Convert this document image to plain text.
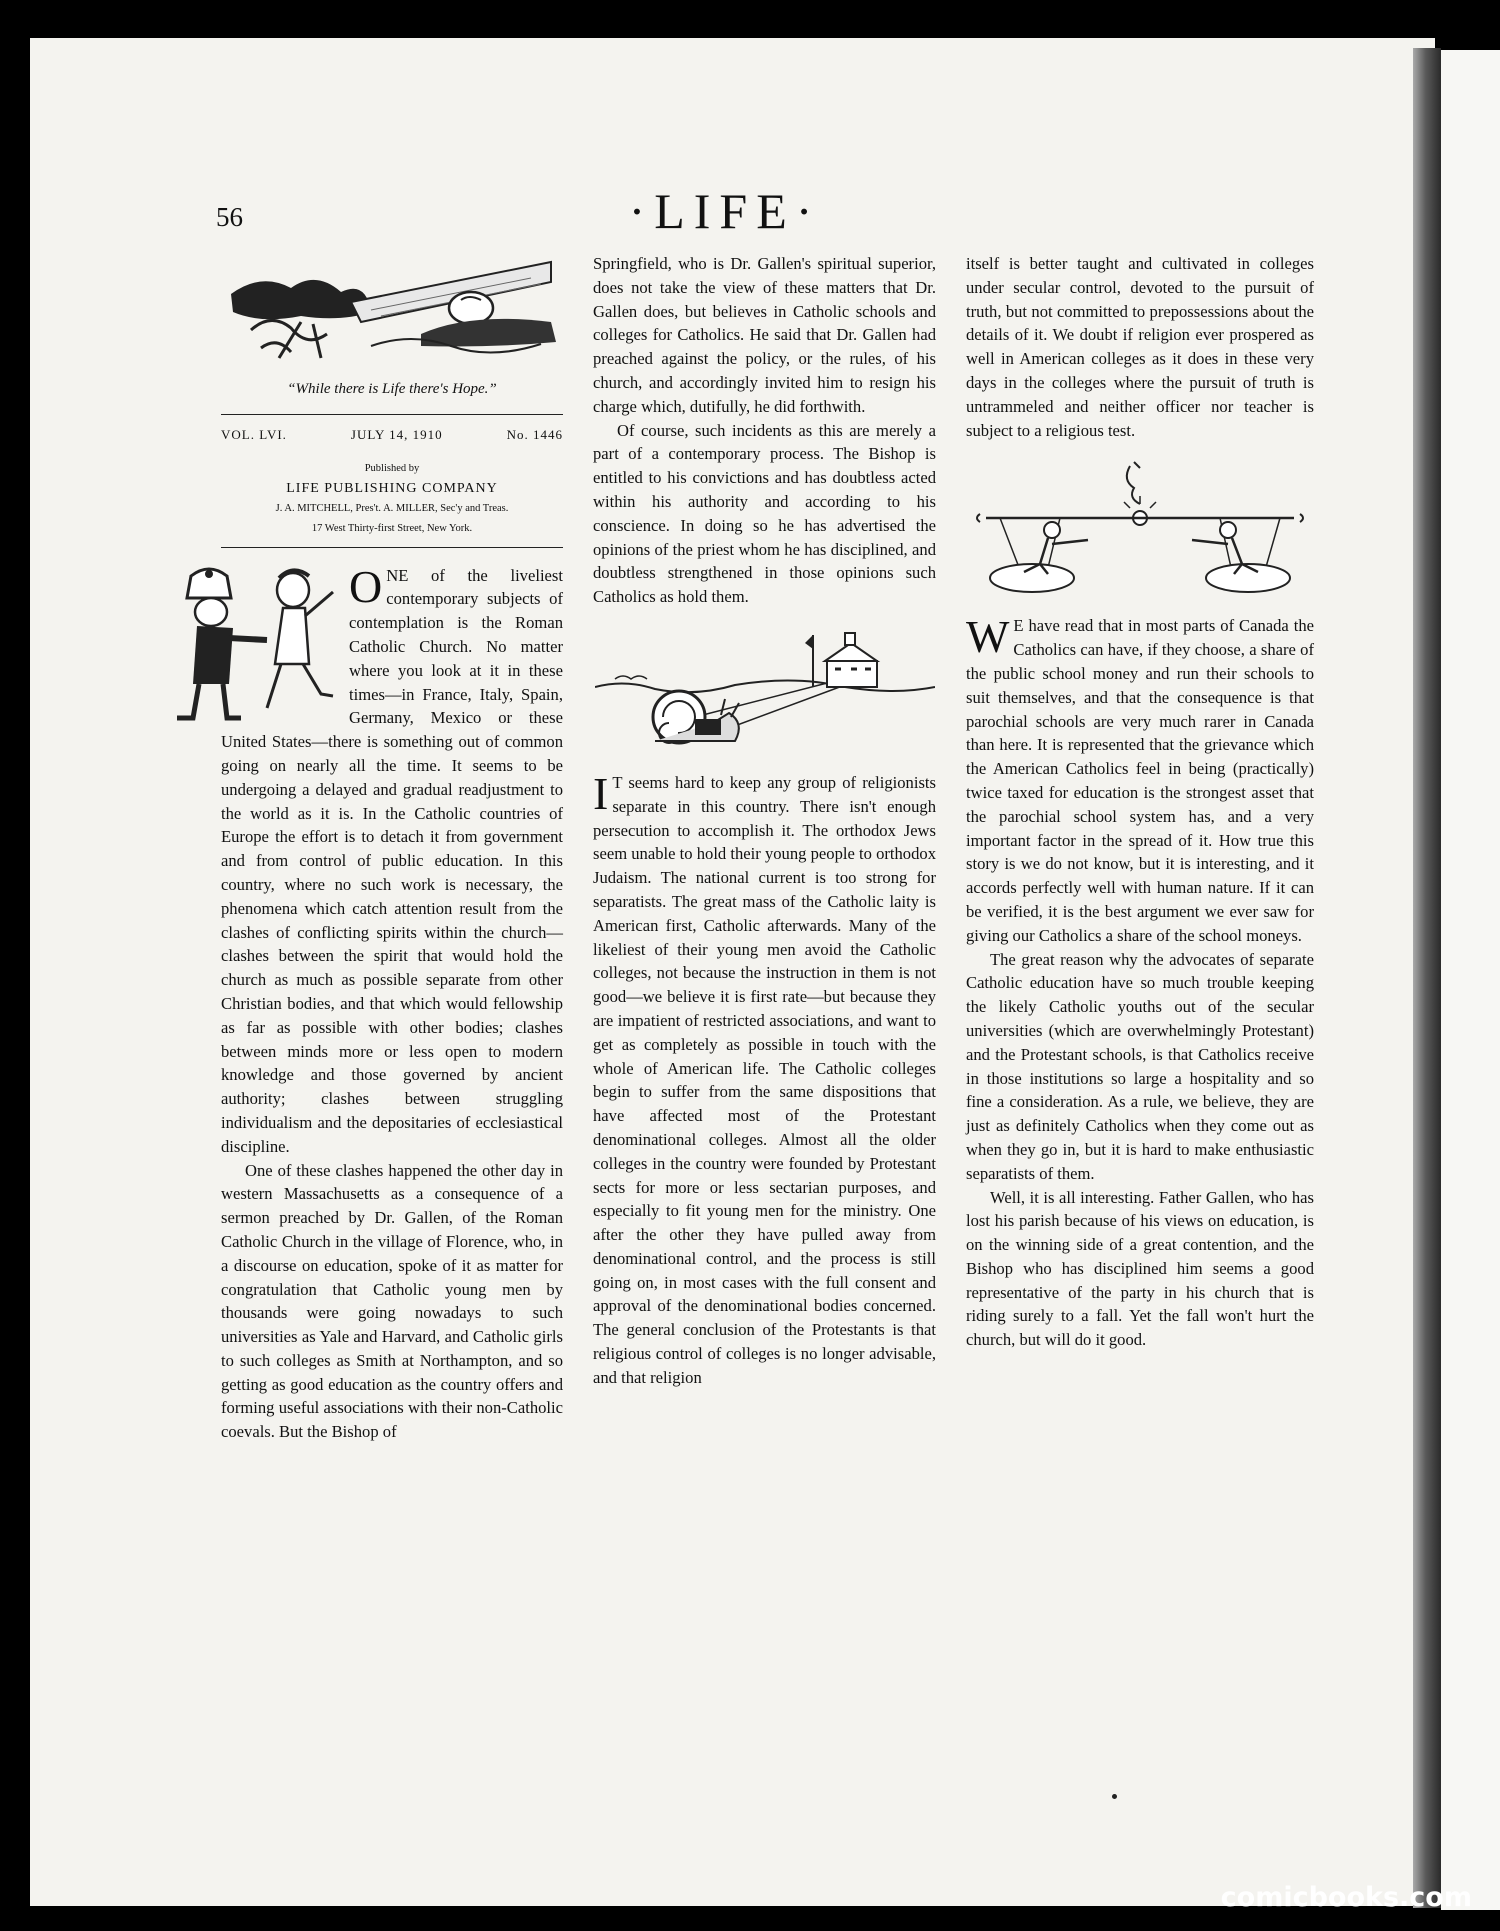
56	·LIFE·
“While there is Life there's Hope.”
VOL. LVI.	JULY 14, 1910	No. 1446
Published by
LIFE PUBLISHING COMPANY
J. A. MITCHELL, Pres't. A. MILLER, Sec'y and Treas.
17 West Thirty-first Street, New York.

ONE of the liveliest contemporary subjects of contemplation is the Roman Catholic Church. No matter where you look at it in these times—in France, Italy, Spain, Germany, Mexico or these United States—there is something out of common going on nearly all the time. It seems to be undergoing a delayed and gradual readjustment to the world as it is. In the Catholic countries of Europe the effort is to detach it from government and from control of public education. In this country, where no such work is necessary, the phenomena which catch attention result from the clashes of conflicting spirits within the church—clashes between the spirit that would hold the church as much as possible separate from other Christian bodies, and that which would fellowship as far as possible with other bodies; clashes between minds more or less open to modern knowledge and those governed by ancient authority; clashes between struggling individualism and the depositaries of ecclesiastical discipline.

One of these clashes happened the other day in western Massachusetts as a consequence of a sermon preached by Dr. Gallen, of the Roman Catholic Church in the village of Florence, who, in a discourse on education, spoke of it as matter for congratulation that Catholic young men by thousands were going nowadays to such universities as Yale and Harvard, and Catholic girls to such colleges as Smith at Northampton, and so getting as good education as the country offers and forming useful associations with their non-Catholic coevals. But the Bishop of

Springfield, who is Dr. Gallen's spiritual superior, does not take the view of these matters that Dr. Gallen does, but believes in Catholic schools and colleges for Catholics. He said that Dr. Gallen had preached against the policy, or the rules, of his church, and accordingly invited him to resign his charge which, dutifully, he did forthwith.

Of course, such incidents as this are merely a part of a contemporary process. The Bishop is entitled to his convictions and has doubtless acted within his authority and according to his conscience. In doing so he has advertised the opinions of the priest whom he has disciplined, and doubtless strengthened in those opinions such Catholics as hold them.

I T seems hard to keep any group of religionists separate in this country. There isn't enough persecution to accomplish it. The orthodox Jews seem unable to hold their young people to orthodox Judaism. The national current is too strong for separatists. The great mass of the Catholic laity is American first, Catholic afterwards. Many of the likeliest of their young men avoid the Catholic colleges, not because the instruction in them is not good—we believe it is first rate—but because they are impatient of restricted associations, and want to get as completely as possible in touch with the whole of American life. The Catholic colleges begin to suffer from the same dispositions that have affected most of the Protestant denominational colleges. Almost all the older colleges in the country were founded by Protestant sects for more or less sectarian purposes, and especially to fit young men for the ministry. One after the other they have pulled away from denominational control, and the process is still going on, in most cases with the full consent and approval of the denominational bodies concerned. The general conclusion of the Protestants is that religious control of colleges is no longer advisable, and that religion

itself is better taught and cultivated in colleges under secular control, devoted to the pursuit of truth, but not committed to prepossessions about the details of it. We doubt if religion ever prospered as well in American colleges as it does in these very days in the colleges where the pursuit of truth is untrammeled and neither officer nor teacher is subject to a religious test.

W E have read that in most parts of Canada the Catholics can have, if they choose, a share of the public school money and run their schools to suit themselves, and that the consequence is that parochial schools are very much rarer in Canada than here. It is represented that the grievance which the American Catholics feel in being (practically) twice taxed for education is the strongest asset that the parochial school system has, and a very important factor in the spread of it. How true this story is we do not know, but it is interesting, and it accords perfectly well with human nature. If it can be verified, it is the best argument we ever saw for giving our Catholics a share of the school moneys.

The great reason why the advocates of separate Catholic education have so much trouble keeping the likely Catholic youths out of the secular universities (which are overwhelmingly Protestant) and the Protestant schools, is that Catholics receive in those institutions so large a hospitality and so fine a consideration. As a rule, we believe, they are just as definitely Catholics when they come out as when they go in, but it is hard to make enthusiastic separatists of them.

Well, it is all interesting. Father Gallen, who has lost his parish because of his views on education, is on the winning side of a great contention, and the Bishop who has disciplined him seems a good representative of the party in his church that is riding surely to a fall. Yet the fall won't hurt the church, but will do it good.

comicbooks.com
